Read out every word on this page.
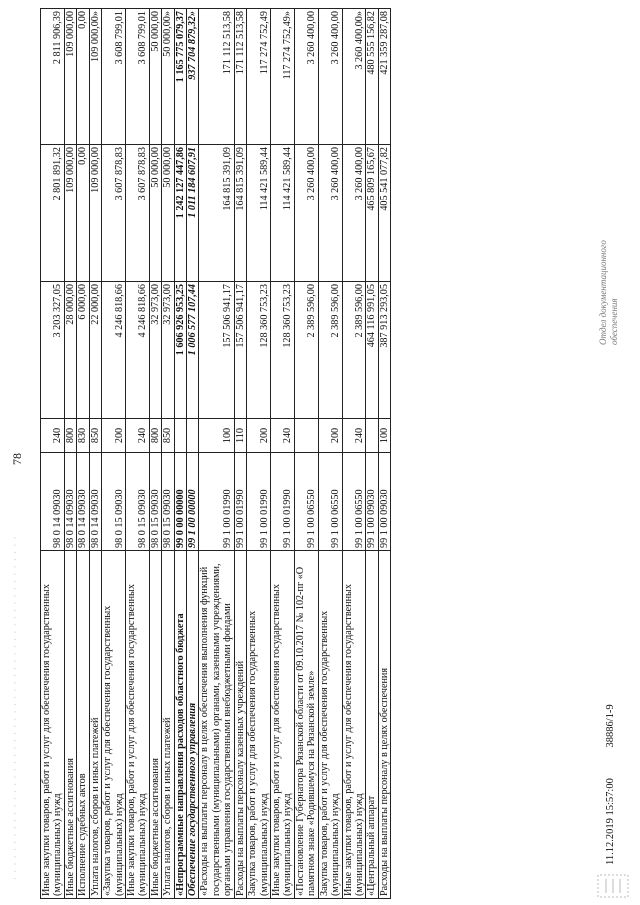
· · · · · · · · · · · · · · · · · · · · · · · · · · · · · · · · · · · · · · · · · · · · · · · ·
78
Иные закупки товаров, работ и услуг для обеспечения государственных (муниципальных) нужд	98 0 14 09030	240	3 203 327,05	2 801 891,32	2 811 906,39
Иные бюджетные ассигнования	98 0 14 09030	800	28 000,00	109 000,00	109 000,00
Исполнение судебных актов	98 0 14 09030	830	6 000,00	0,00	0,00
Уплата налогов, сборов и иных платежей	98 0 14 09030	850	22 000,00	109 000,00	109 000,00»
«Закупка товаров, работ и услуг для обеспечения государственных (муниципальных) нужд	98 0 15 09030	200	4 246 818,66	3 607 878,83	3 608 799,01
Иные закупки товаров, работ и услуг для обеспечения государственных (муниципальных) нужд	98 0 15 09030	240	4 246 818,66	3 607 878,83	3 608 799,01
Иные бюджетные ассигнования	98 0 15 09030	800	32 973,00	50 000,00	50 000,00
Уплата налогов, сборов и иных платежей	98 0 15 09030	850	32 973,00	50 000,00	50 000,00»
«Непрограммные направления расходов областного бюджета	99 0 00 00000		1 606 926 953,25	1 242 127 447,86	1 165 775 079,37
Обеспечение государственного управления	99 1 00 00000		1 006 577 107,44	1 011 184 607,91	937 704 879,32»
«Расходы на выплаты персоналу в целях обеспечения выполнения функций государственными (муниципальными) органами, казенными учреждениями, органами управления государственными внебюджетными фондами	99 1 00 01990	100	157 506 941,17	164 815 391,09	171 112 513,58
Расходы на выплаты персоналу казенных учреждений	99 1 00 01990	110	157 506 941,17	164 815 391,09	171 112 513,58
Закупка товаров, работ и услуг для обеспечения государственных (муниципальных) нужд	99 1 00 01990	200	128 360 753,23	114 421 589,44	117 274 752,49
Иные закупки товаров, работ и услуг для обеспечения государственных (муниципальных) нужд	99 1 00 01990	240	128 360 753,23	114 421 589,44	117 274 752,49»
«Постановление Губернатора Рязанской области от 09.10.2017 № 102-пг «О памятном знаке «Родившемуся на Рязанской земле»	99 1 00 06550		2 389 596,00	3 260 400,00	3 260 400,00
Закупка товаров, работ и услуг для обеспечения государственных (муниципальных) нужд	99 1 00 06550	200	2 389 596,00	3 260 400,00	3 260 400,00
Иные закупки товаров, работ и услуг для обеспечения государственных (муниципальных) нужд	99 1 00 06550	240	2 389 596,00	3 260 400,00	3 260 400,00»
«Центральный аппарат	99 1 00 09030		464 116 991,05	465 809 165,67	480 555 156,82
Расходы на выплаты персоналу в целях обеспечения	99 1 00 09030	100	387 913 293,05	405 541 077,82	421 359 287,08
11.12.2019 15:57:00 38886/1-9
Отдел документационного обеспечения
